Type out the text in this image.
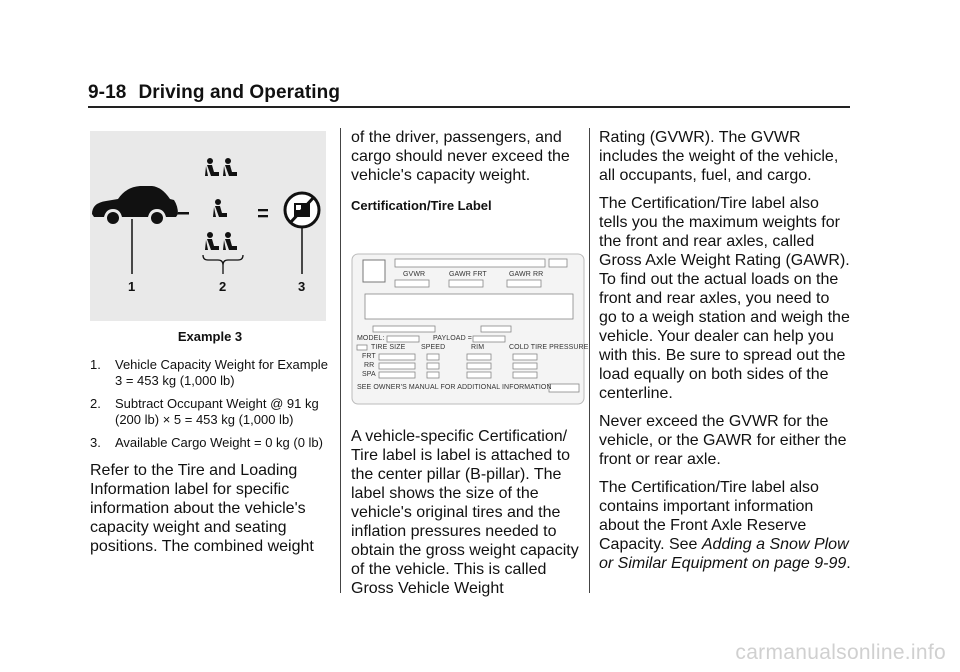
9-18 Driving and Operating
1	2	3
Example 3
1. Vehicle Capacity Weight for Example 3 = 453 kg (1,000 lb)
2. Subtract Occupant Weight @ 91 kg (200 lb) × 5 = 453 kg (1,000 lb)
3. Available Cargo Weight = 0 kg (0 lb)

Refer to the Tire and Loading Information label for specific information about the vehicle's capacity weight and seating positions. The combined weight

of the driver, passengers, and cargo should never exceed the vehicle's capacity weight.

Certification/Tire Label

GVWR	GAWR FRT	GAWR RR
MODEL:	PAYLOAD =
TIRE SIZE SPEED	RIM	COLD TIRE PRESSURE
FRT
RR
SPA
SEE OWNER'S MANUAL FOR ADDITIONAL INFORMATION

A vehicle-specific Certification/ Tire label is label is attached to the center pillar (B-pillar). The label shows the size of the vehicle's original tires and the inflation pressures needed to obtain the gross weight capacity of the vehicle. This is called Gross Vehicle Weight

Rating (GVWR). The GVWR includes the weight of the vehicle, all occupants, fuel, and cargo.

The Certification/Tire label also tells you the maximum weights for the front and rear axles, called Gross Axle Weight Rating (GAWR). To find out the actual loads on the front and rear axles, you need to go to a weigh station and weigh the vehicle. Your dealer can help you with this. Be sure to spread out the load equally on both sides of the centerline.

Never exceed the GVWR for the vehicle, or the GAWR for either the front or rear axle.

The Certification/Tire label also contains important information about the Front Axle Reserve Capacity. See Adding a Snow Plow or Similar Equipment on page 9-99.

carmanualsonline.info
